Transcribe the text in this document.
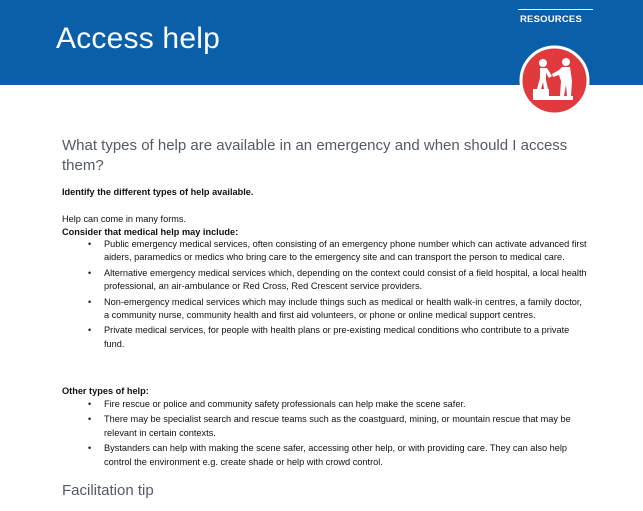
Access help
RESOURCES
What types of help are available in an emergency and when should I access them?
Identify the different types of help available.
Help can come in many forms.
Consider that medical help may include:
• Public emergency medical services, often consisting of an emergency phone number which can activate advanced first aiders, paramedics or medics who bring care to the emergency site and can transport the person to medical care.
• Alternative emergency medical services which, depending on the context could consist of a field hospital, a local health professional, an air-ambulance or Red Cross, Red Crescent service providers.
• Non-emergency medical services which may include things such as medical or health walk-in centres, a family doctor, a community nurse, community health and first aid volunteers, or phone or online medical support centres.
• Private medical services, for people with health plans or pre-existing medical conditions who contribute to a private fund.
Other types of help:
• Fire rescue or police and community safety professionals can help make the scene safer.
• There may be specialist search and rescue teams such as the coastguard, mining, or mountain rescue that may be relevant in certain contexts.
• Bystanders can help with making the scene safer, accessing other help, or with providing care. They can also help control the environment e.g. create shade or help with crowd control.
Facilitation tip
